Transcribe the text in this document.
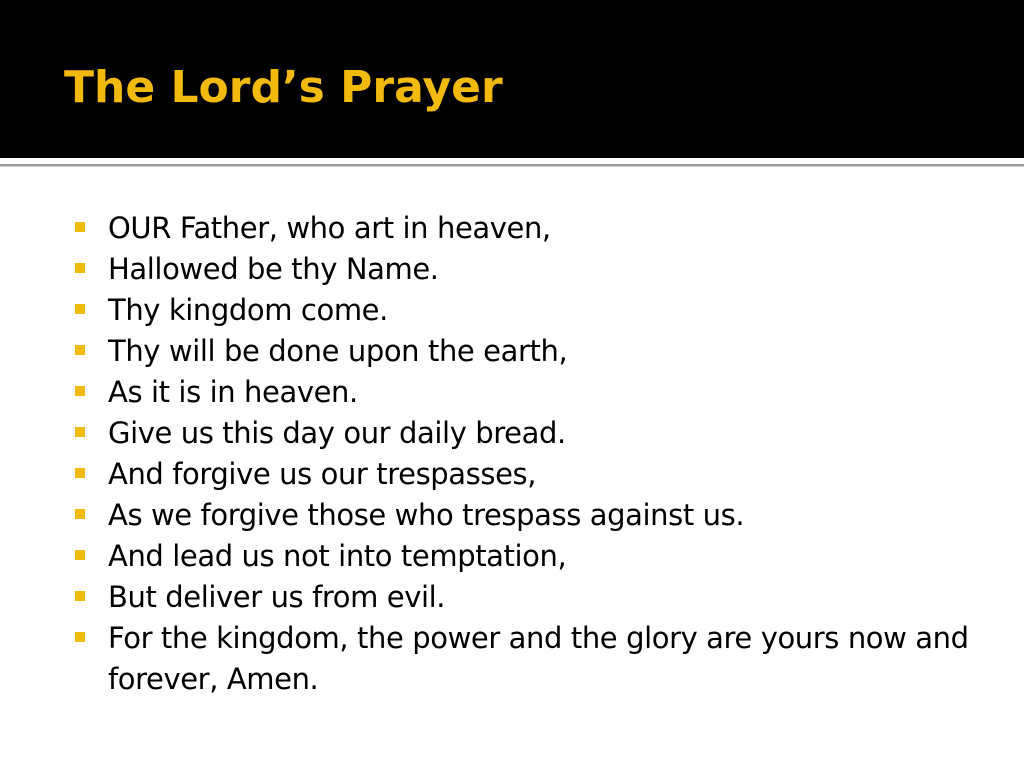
The Lord’s Prayer
OUR Father, who art in heaven,
Hallowed be thy Name.
Thy kingdom come.
Thy will be done upon the earth,
As it is in heaven.
Give us this day our daily bread.
And forgive us our trespasses,
As we forgive those who trespass against us.
And lead us not into temptation,
But deliver us from evil.
For the kingdom, the power and the glory are yours now and forever, Amen.
